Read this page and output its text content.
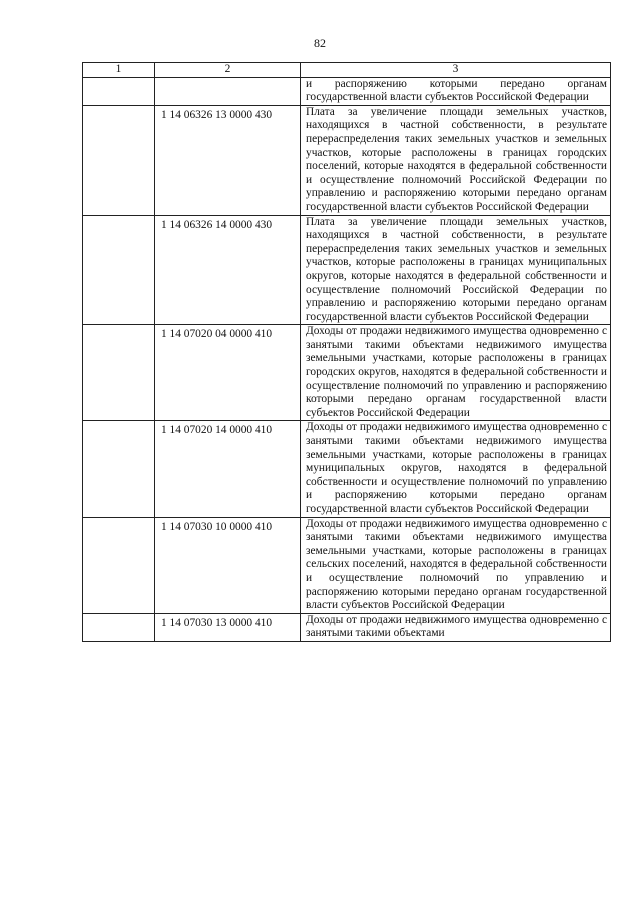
82
1	2	3
		и распоряжению которыми передано органам государственной власти субъектов Российской Федерации
	1 14 06326 13 0000 430	Плата за увеличение площади земельных участков, находящихся в частной собственности, в результате перераспределения таких земельных участков и земельных участков, которые расположены в границах городских поселений, которые находятся в федеральной собственности и осуществление полномочий Российской Федерации по управлению и распоряжению которыми передано органам государственной власти субъектов Российской Федерации
	1 14 06326 14 0000 430	Плата за увеличение площади земельных участков, находящихся в частной собственности, в результате перераспределения таких земельных участков и земельных участков, которые расположены в границах муниципальных округов, которые находятся в федеральной собственности и осуществление полномочий Российской Федерации по управлению и распоряжению которыми передано органам государственной власти субъектов Российской Федерации
	1 14 07020 04 0000 410	Доходы от продажи недвижимого имущества одновременно с занятыми такими объектами недвижимого имущества земельными участками, которые расположены в границах городских округов, находятся в федеральной собственности и осуществление полномочий по управлению и распоряжению которыми передано органам государственной власти субъектов Российской Федерации
	1 14 07020 14 0000 410	Доходы от продажи недвижимого имущества одновременно с занятыми такими объектами недвижимого имущества земельными участками, которые расположены в границах муниципальных округов, находятся в федеральной собственности и осуществление полномочий по управлению и распоряжению которыми передано органам государственной власти субъектов Российской Федерации
	1 14 07030 10 0000 410	Доходы от продажи недвижимого имущества одновременно с занятыми такими объектами недвижимого имущества земельными участками, которые расположены в границах сельских поселений, находятся в федеральной собственности и осуществление полномочий по управлению и распоряжению которыми передано органам государственной власти субъектов Российской Федерации
	1 14 07030 13 0000 410	Доходы от продажи недвижимого имущества одновременно с занятыми такими объектами
